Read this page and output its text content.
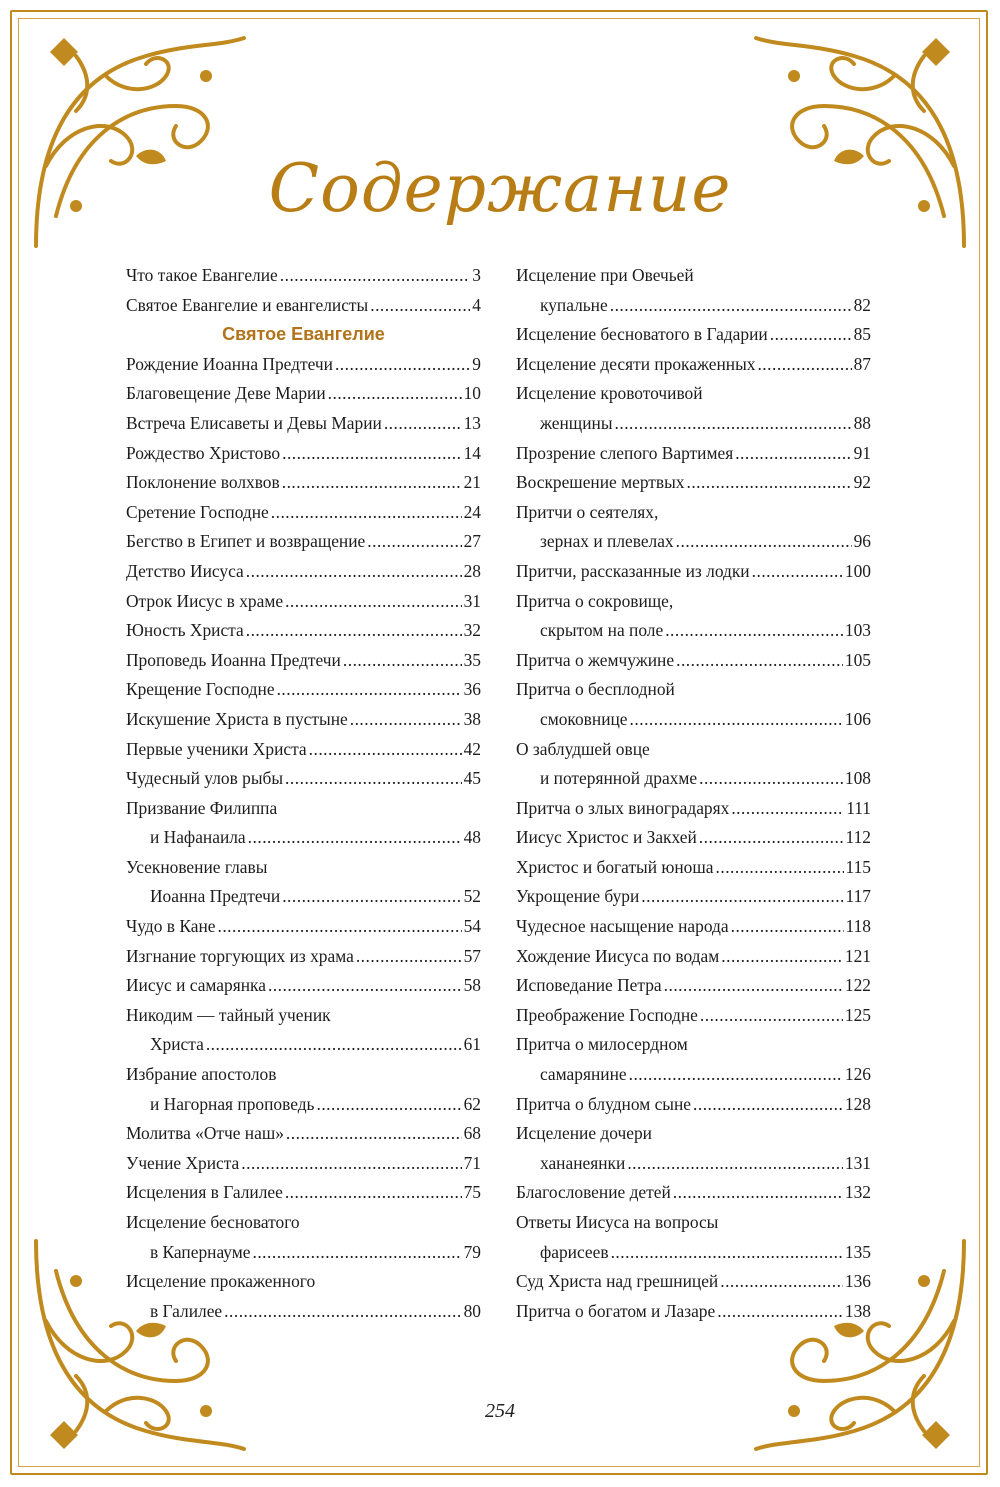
Содержание
Что такое Евангелие .....	3
Святое Евангелие и евангелисты .....	4
Святое Евангелие
Рождение Иоанна Предтечи .....	9
Благовещение Деве Марии .....	10
Встреча Елисаветы и Девы Марии .....	13
Рождество Христово .....	14
Поклонение волхвов .....	21
Сретение Господне .....	24
Бегство в Египет и возвращение .....	27
Детство Иисуса .....	28
Отрок Иисус в храме .....	31
Юность Христа .....	32
Проповедь Иоанна Предтечи .....	35
Крещение Господне .....	36
Искушение Христа в пустыне .....	38
Первые ученики Христа .....	42
Чудесный улов рыбы .....	45
Призвание Филиппа
и Нафанаила .....	48
Усекновение главы
Иоанна Предтечи .....	52
Чудо в Кане .....	54
Изгнание торгующих из храма .....	57
Иисус и самарянка .....	58
Никодим — тайный ученик
Христа .....	61
Избрание апостолов
и Нагорная проповедь .....	62
Молитва «Отче наш» .....	68
Учение Христа .....	71
Исцеления в Галилее .....	75
Исцеление бесноватого
в Капернауме .....	79
Исцеление прокаженного
в Галилее .....	80
Исцеление при Овечьей
купальне .....	82
Исцеление бесноватого в Гадарии .....	85
Исцеление десяти прокаженных .....	87
Исцеление кровоточивой
женщины .....	88
Прозрение слепого Вартимея .....	91
Воскрешение мертвых .....	92
Притчи о сеятелях,
зернах и плевелах .....	96
Притчи, рассказанные из лодки .....	100
Притча о сокровище,
скрытом на поле .....	103
Притча о жемчужине .....	105
Притча о бесплодной
смоковнице .....	106
О заблудшей овце
и потерянной драхме .....	108
Притча о злых виноградарях .....	111
Иисус Христос и Закхей .....	112
Христос и богатый юноша .....	115
Укрощение бури .....	117
Чудесное насыщение народа .....	118
Хождение Иисуса по водам .....	121
Исповедание Петра .....	122
Преображение Господне .....	125
Притча о милосердном
самарянине .....	126
Притча о блудном сыне .....	128
Исцеление дочери
хананеянки .....	131
Благословение детей .....	132
Ответы Иисуса на вопросы
фарисеев .....	135
Суд Христа над грешницей .....	136
Притча о богатом и Лазаре .....	138
254
